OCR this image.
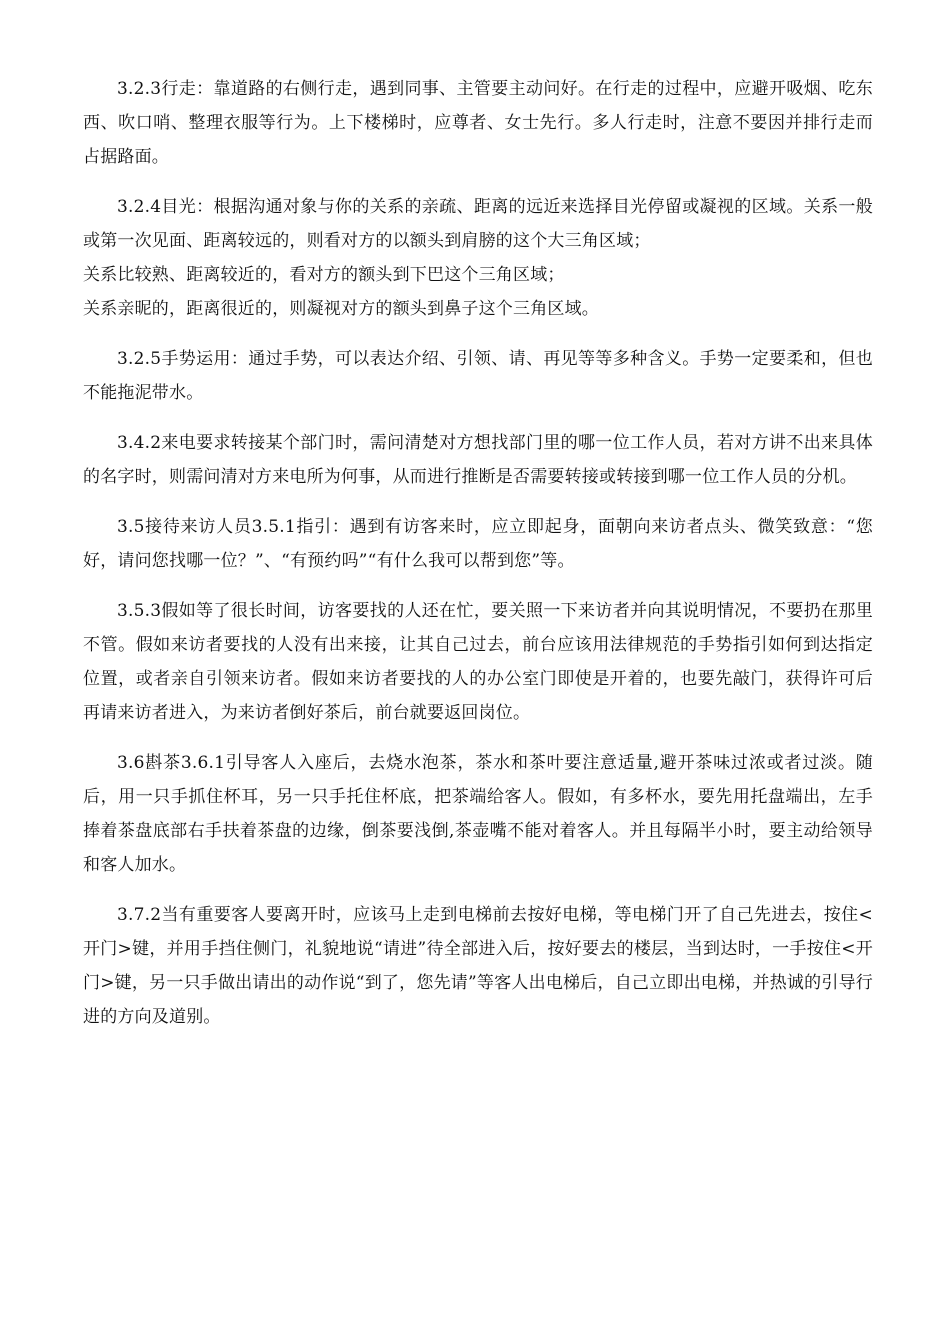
3.2.3行走：靠道路的右侧行走，遇到同事、主管要主动问好。在行走的过程中，应避开吸烟、吃东西、吹口哨、整理衣服等行为。上下楼梯时，应尊者、女士先行。多人行走时，注意不要因并排行走而占据路面。

3.2.4目光：根据沟通对象与你的关系的亲疏、距离的远近来选择目光停留或凝视的区域。关系一般或第一次见面、距离较远的，则看对方的以额头到肩膀的这个大三角区域；

关系比较熟、距离较近的，看对方的额头到下巴这个三角区域；

关系亲昵的，距离很近的，则凝视对方的额头到鼻子这个三角区域。

3.2.5手势运用：通过手势，可以表达介绍、引领、请、再见等等多种含义。手势一定要柔和，但也不能拖泥带水。

3.4.2来电要求转接某个部门时，需问清楚对方想找部门里的哪一位工作人员，若对方讲不出来具体的名字时，则需问清对方来电所为何事，从而进行推断是否需要转接或转接到哪一位工作人员的分机。

3.5接待来访人员3.5.1指引：遇到有访客来时，应立即起身，面朝向来访者点头、微笑致意：“您好，请问您找哪一位？”、“有预约吗”“有什么我可以帮到您”等。

3.5.3假如等了很长时间，访客要找的人还在忙，要关照一下来访者并向其说明情况，不要扔在那里不管。假如来访者要找的人没有出来接，让其自己过去，前台应该用法律规范的手势指引如何到达指定位置，或者亲自引领来访者。假如来访者要找的人的办公室门即使是开着的，也要先敲门，获得许可后再请来访者进入，为来访者倒好茶后，前台就要返回岗位。

3.6斟茶3.6.1引导客人入座后，去烧水泡茶，茶水和茶叶要注意适量,避开茶味过浓或者过淡。随后，用一只手抓住杯耳，另一只手托住杯底，把茶端给客人。假如，有多杯水，要先用托盘端出，左手捧着茶盘底部右手扶着茶盘的边缘，倒茶要浅倒,茶壶嘴不能对着客人。并且每隔半小时，要主动给领导和客人加水。

3.7.2当有重要客人要离开时，应该马上走到电梯前去按好电梯，等电梯门开了自己先进去，按住<开门>键，并用手挡住侧门，礼貌地说“请进”待全部进入后，按好要去的楼层，当到达时，一手按住<开门>键，另一只手做出请出的动作说“到了，您先请”等客人出电梯后，自己立即出电梯，并热诚的引导行进的方向及道别。
